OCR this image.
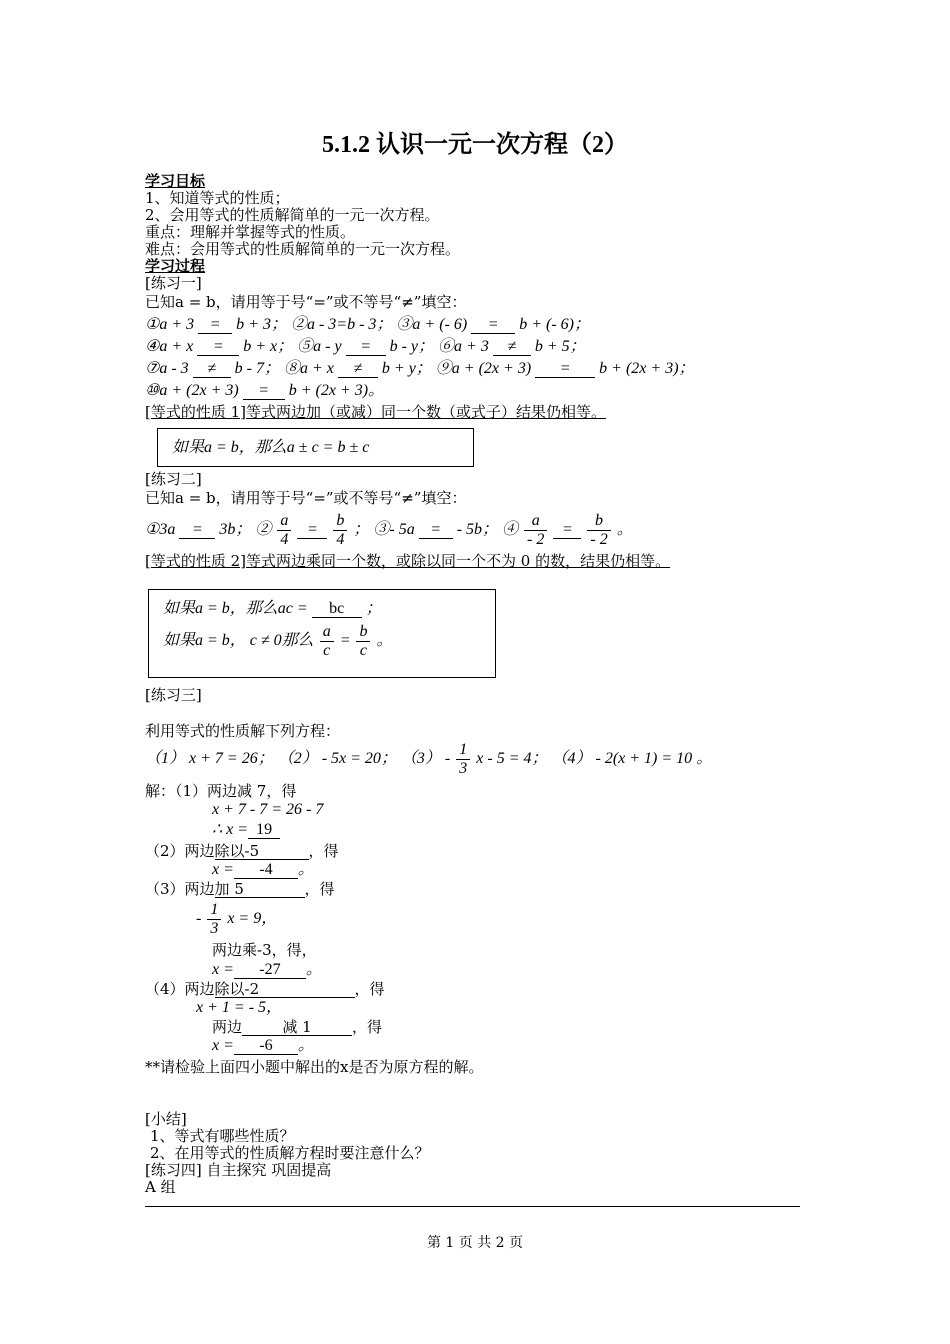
5.1.2 认识一元一次方程（2）
学习目标
1、知道等式的性质；
2、会用等式的性质解简单的一元一次方程。
重点：理解并掌握等式的性质。
难点：会用等式的性质解简单的一元一次方程。
学习过程
[练习一]
已知a = b，请用等于号“=”或不等号“≠”填空：
①a + 3 = b + 3； ②a - 3=b - 3； ③a + (- 6) = b + (- 6)；
④a + x = b + x； ⑤a - y = b - y； ⑥a + 3 ≠ b + 5；
⑦a - 3 ≠ b - 7； ⑧a + x ≠ b + y； ⑨a + (2x + 3) = b + (2x + 3)；
⑩a + (2x + 3) = b + (2x + 3)。
[等式的性质 1]等式两边加（或减）同一个数（或式子）结果仍相等。
如果a = b，那么a ± c = b ± c
[练习二]
已知a = b，请用等于号“=”或不等号“≠”填空：
①3a = 3b； ② $\frac{a}{4} = \frac{b}{4}$ ； ③- 5a = - 5b； ④ $\frac{a}{- 2} = \frac{b}{- 2}$ 。
[等式的性质 2]等式两边乘同一个数，或除以同一个不为 0 的数，结果仍相等。
如果a = b，那么ac = bc ；
如果a = b， c ≠ 0那么 $\frac{a}{c} = \frac{b}{c}$ 。
[练习三]
利用等式的性质解下列方程：
（1） x + 7 = 26； （2） - 5x = 20； $(3) - \frac{1}{3}$ x - 5 = 4； （4） - 2(x + 1) = 10 。
解：（1）两边减 7，得
x + 7 - 7 = 26 - 7
∴ x = 19
（2）两边除以-5	，得
x = -4 。
（3）两边加 5	，得
- $\frac{1}{3}$ x = 9，
两边乘-3，得，
x = -27 。
（4）两边除以-2	，得
x + 1 = - 5，
两边	减 1	，得
x = -6 。
**请检验上面四小题中解出的x是否为原方程的解。
[小结]
1、等式有哪些性质？
2、在用等式的性质解方程时要注意什么？
[练习四] 自主探究 巩固提高
A 组
第 1 页 共 2 页
